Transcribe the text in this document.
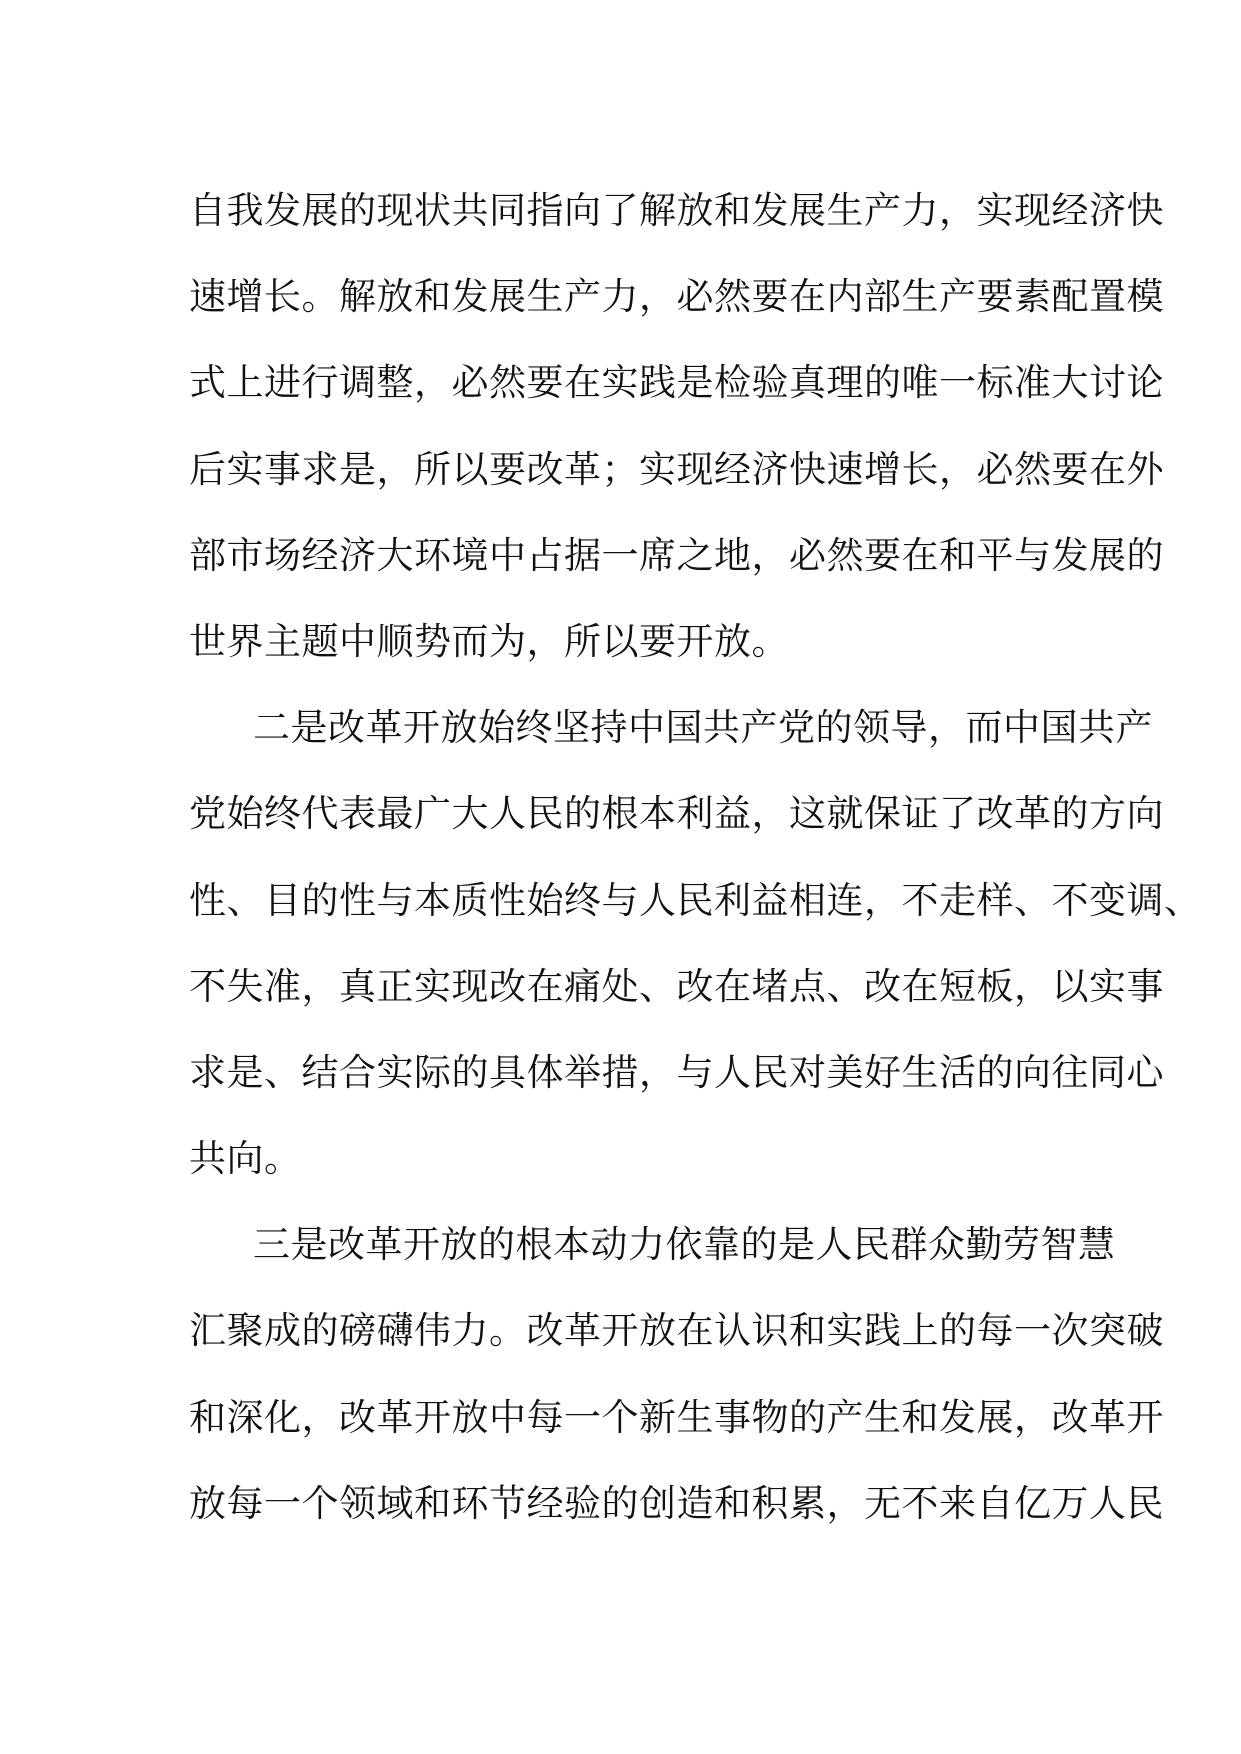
自我发展的现状共同指向了解放和发展生产力，实现经济快
速增长。解放和发展生产力，必然要在内部生产要素配置模
式上进行调整，必然要在实践是检验真理的唯一标准大讨论
后实事求是，所以要改革；实现经济快速增长，必然要在外
部市场经济大环境中占据一席之地，必然要在和平与发展的
世界主题中顺势而为，所以要开放。
二是改革开放始终坚持中国共产党的领导，而中国共产
党始终代表最广大人民的根本利益，这就保证了改革的方向
性、目的性与本质性始终与人民利益相连，不走样、不变调、
不失准，真正实现改在痛处、改在堵点、改在短板，以实事
求是、结合实际的具体举措，与人民对美好生活的向往同心
共向。
三是改革开放的根本动力依靠的是人民群众勤劳智慧
汇聚成的磅礴伟力。改革开放在认识和实践上的每一次突破
和深化，改革开放中每一个新生事物的产生和发展，改革开
放每一个领域和环节经验的创造和积累，无不来自亿万人民
